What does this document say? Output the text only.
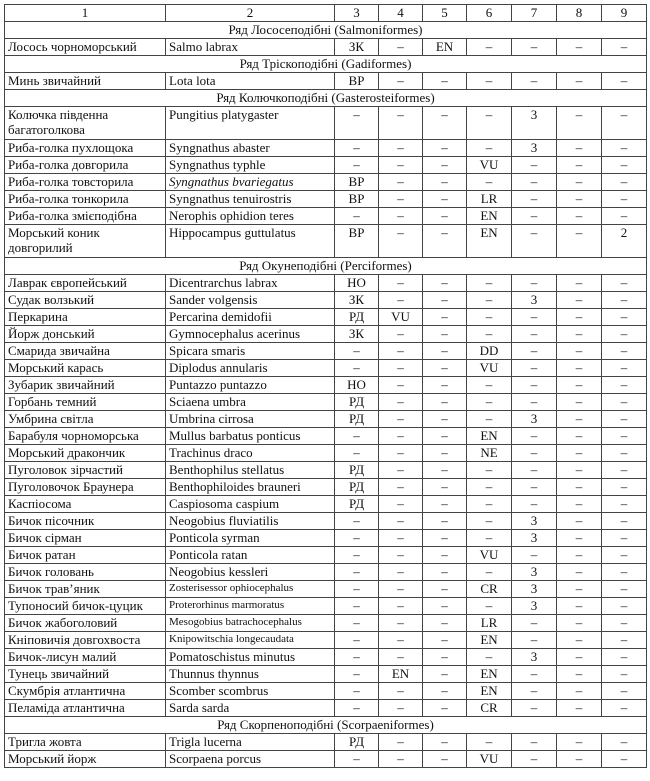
1	2	3	4	5	6	7	8	9
Ряд Лососеподібні (Salmoniformes)								
Лосось чорноморський	Salmo labrax	ЗК	–	EN	–	–	–	–
Ряд Тріскоподібні (Gadiformes)								
Минь звичайний	Lota lota	ВР	–	–	–	–	–	–
Ряд Колючкоподібні (Gasterosteiformes)								
Колючка південна багатоголкова	Pungitius platygaster	–	–	–	–	3	–	–
Риба-голка пухлощока	Syngnathus abaster	–	–	–	–	3	–	–
Риба-голка довгорила	Syngnathus typhle	–	–	–	VU	–	–	–
Риба-голка товсторила	Syngnathus bvariegatus	ВР	–	–	–	–	–	–
Риба-голка тонкорила	Syngnathus tenuirostris	ВР	–	–	LR	–	–	–
Риба-голка змієподібна	Nerophis ophidion teres	–	–	–	EN	–	–	–
Морський коник довгорилий	Hippocampus guttulatus	ВР	–	–	EN	–	–	2
Ряд Окунеподібні (Perciformes)								
Лаврак європейський	Dicentrarchus labrax	НО	–	–	–	–	–	–
Судак волзький	Sander volgensis	ЗК	–	–	–	3	–	–
Перкарина	Percarina demidofii	РД	VU	–	–	–	–	–
Йорж донський	Gymnocephalus acerinus	ЗК	–	–	–	–	–	–
Смарида звичайна	Spicara smaris	–	–	–	DD	–	–	–
Морський карась	Diplodus annularis	–	–	–	VU	–	–	–
Зубарик звичайний	Puntazzo puntazzo	НО	–	–	–	–	–	–
Горбань темний	Sciaena umbra	РД	–	–	–	–	–	–
Умбрина світла	Umbrina cirrosa	РД	–	–	–	3	–	–
Барабуля чорноморська	Mullus barbatus ponticus	–	–	–	EN	–	–	–
Морський дракончик	Trachinus draco	–	–	–	NE	–	–	–
Пуголовок зірчастий	Benthophilus stellatus	РД	–	–	–	–	–	–
Пуголовочок Браунера	Benthophiloides brauneri	РД	–	–	–	–	–	–
Каспіосома	Caspiosoma caspium	РД	–	–	–	–	–	–
Бичок пісочник	Neogobius fluviatilis	–	–	–	–	3	–	–
Бичок сірман	Ponticola syrman	–	–	–	–	3	–	–
Бичок ратан	Ponticola ratan	–	–	–	VU	–	–	–
Бичок головань	Neogobius kessleri	–	–	–	–	3	–	–
Бичок трав’яник	Zosterisessor ophiocephalus	–	–	–	CR	3	–	–
Тупоносий бичок-цуцик	Proterorhinus marmoratus	–	–	–	–	3	–	–
Бичок жабоголовий	Mesogobius batrachocephalus	–	–	–	LR	–	–	–
Кніповичія довгохвоста	Knipowitschia longecaudata	–	–	–	EN	–	–	–
Бичок-лисун малий	Pomatoschistus minutus	–	–	–	–	3	–	–
Тунець звичайний	Thunnus thynnus	–	EN	–	EN	–	–	–
Скумбрія атлантична	Scomber scombrus	–	–	–	EN	–	–	–
Пеламіда атлантична	Sarda sarda	–	–	–	CR	–	–	–
Ряд Скорпеноподібні (Scorpaeniformes)								
Тригла жовта	Trigla lucerna	РД	–	–	–	–	–	–
Морський йорж	Scorpaena porcus	–	–	–	VU	–	–	–
